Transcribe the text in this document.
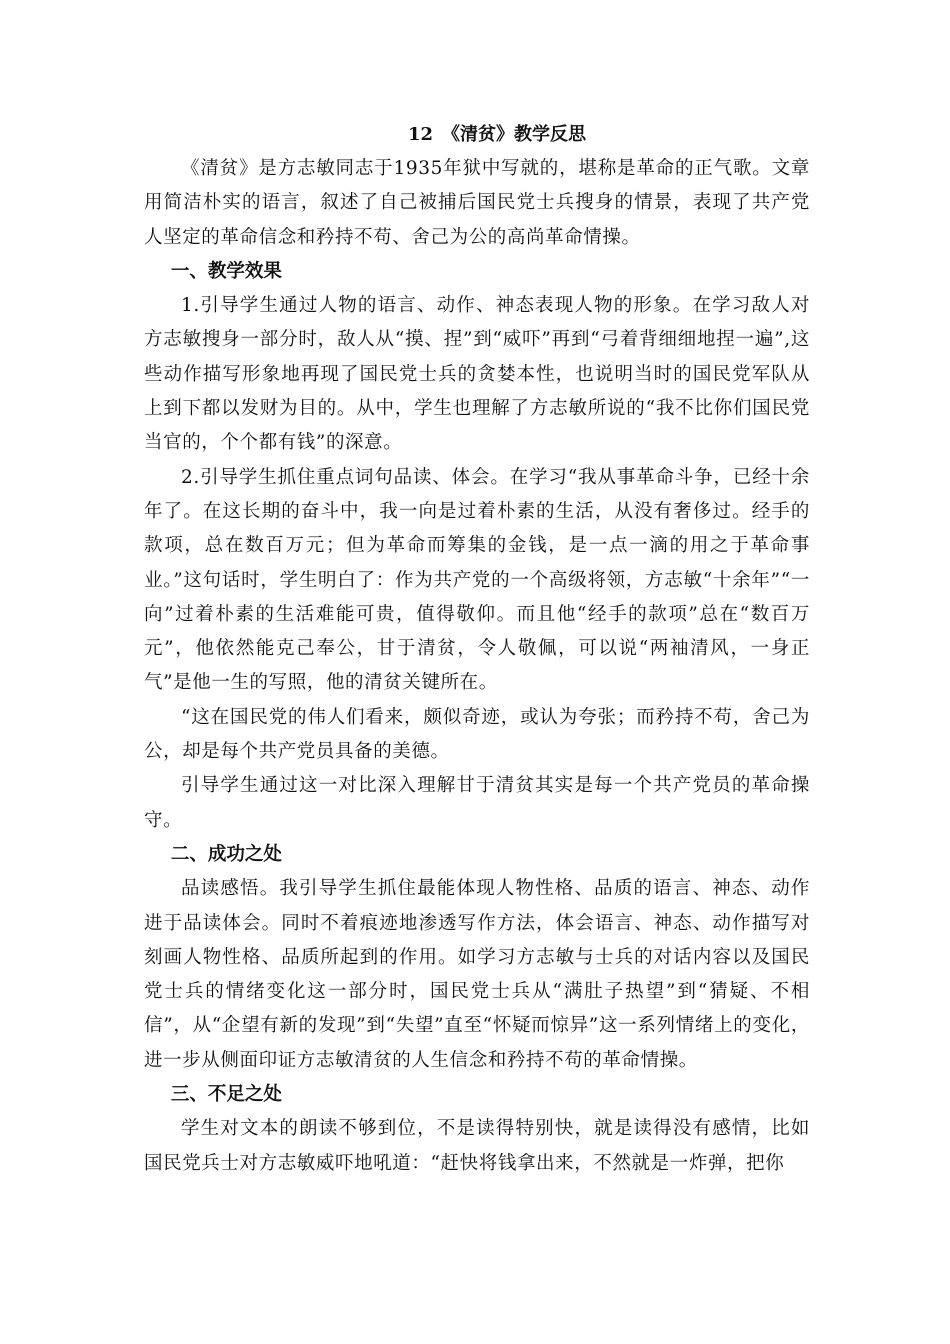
12　《清贫》教学反思

《清贫》是方志敏同志于1935年狱中写就的，堪称是革命的正气歌。文章用简洁朴实的语言，叙述了自己被捕后国民党士兵搜身的情景，表现了共产党人坚定的革命信念和矜持不苟、舍己为公的高尚革命情操。

一、教学效果

1.引导学生通过人物的语言、动作、神态表现人物的形象。在学习敌人对方志敏搜身一部分时，敌人从“摸、捏”到“威吓”再到“弓着背细细地捏一遍”,这些动作描写形象地再现了国民党士兵的贪婪本性，也说明当时的国民党军队从上到下都以发财为目的。从中，学生也理解了方志敏所说的“我不比你们国民党当官的，个个都有钱”的深意。

2.引导学生抓住重点词句品读、体会。在学习“我从事革命斗争，已经十余年了。在这长期的奋斗中，我一向是过着朴素的生活，从没有奢侈过。经手的款项，总在数百万元；但为革命而筹集的金钱，是一点一滴的用之于革命事业。”这句话时，学生明白了：作为共产党的一个高级将领，方志敏“十余年”“一向”过着朴素的生活难能可贵，值得敬仰。而且他“经手的款项”总在“数百万元”，他依然能克己奉公，甘于清贫，令人敬佩，可以说“两袖清风，一身正气”是他一生的写照，他的清贫关键所在。

“这在国民党的伟人们看来，颇似奇迹，或认为夸张；而矜持不苟，舍己为公，却是每个共产党员具备的美德。

引导学生通过这一对比深入理解甘于清贫其实是每一个共产党员的革命操守。

二、成功之处

品读感悟。我引导学生抓住最能体现人物性格、品质的语言、神态、动作进于品读体会。同时不着痕迹地渗透写作方法，体会语言、神态、动作描写对刻画人物性格、品质所起到的作用。如学习方志敏与士兵的对话内容以及国民党士兵的情绪变化这一部分时，国民党士兵从“满肚子热望”到“猜疑、不相信”，从“企望有新的发现”到“失望”直至“怀疑而惊异”这一系列情绪上的变化，进一步从侧面印证方志敏清贫的人生信念和矜持不苟的革命情操。

三、不足之处

学生对文本的朗读不够到位，不是读得特别快，就是读得没有感情，比如国民党兵士对方志敏威吓地吼道：“赶快将钱拿出来，不然就是一炸弹，把你
